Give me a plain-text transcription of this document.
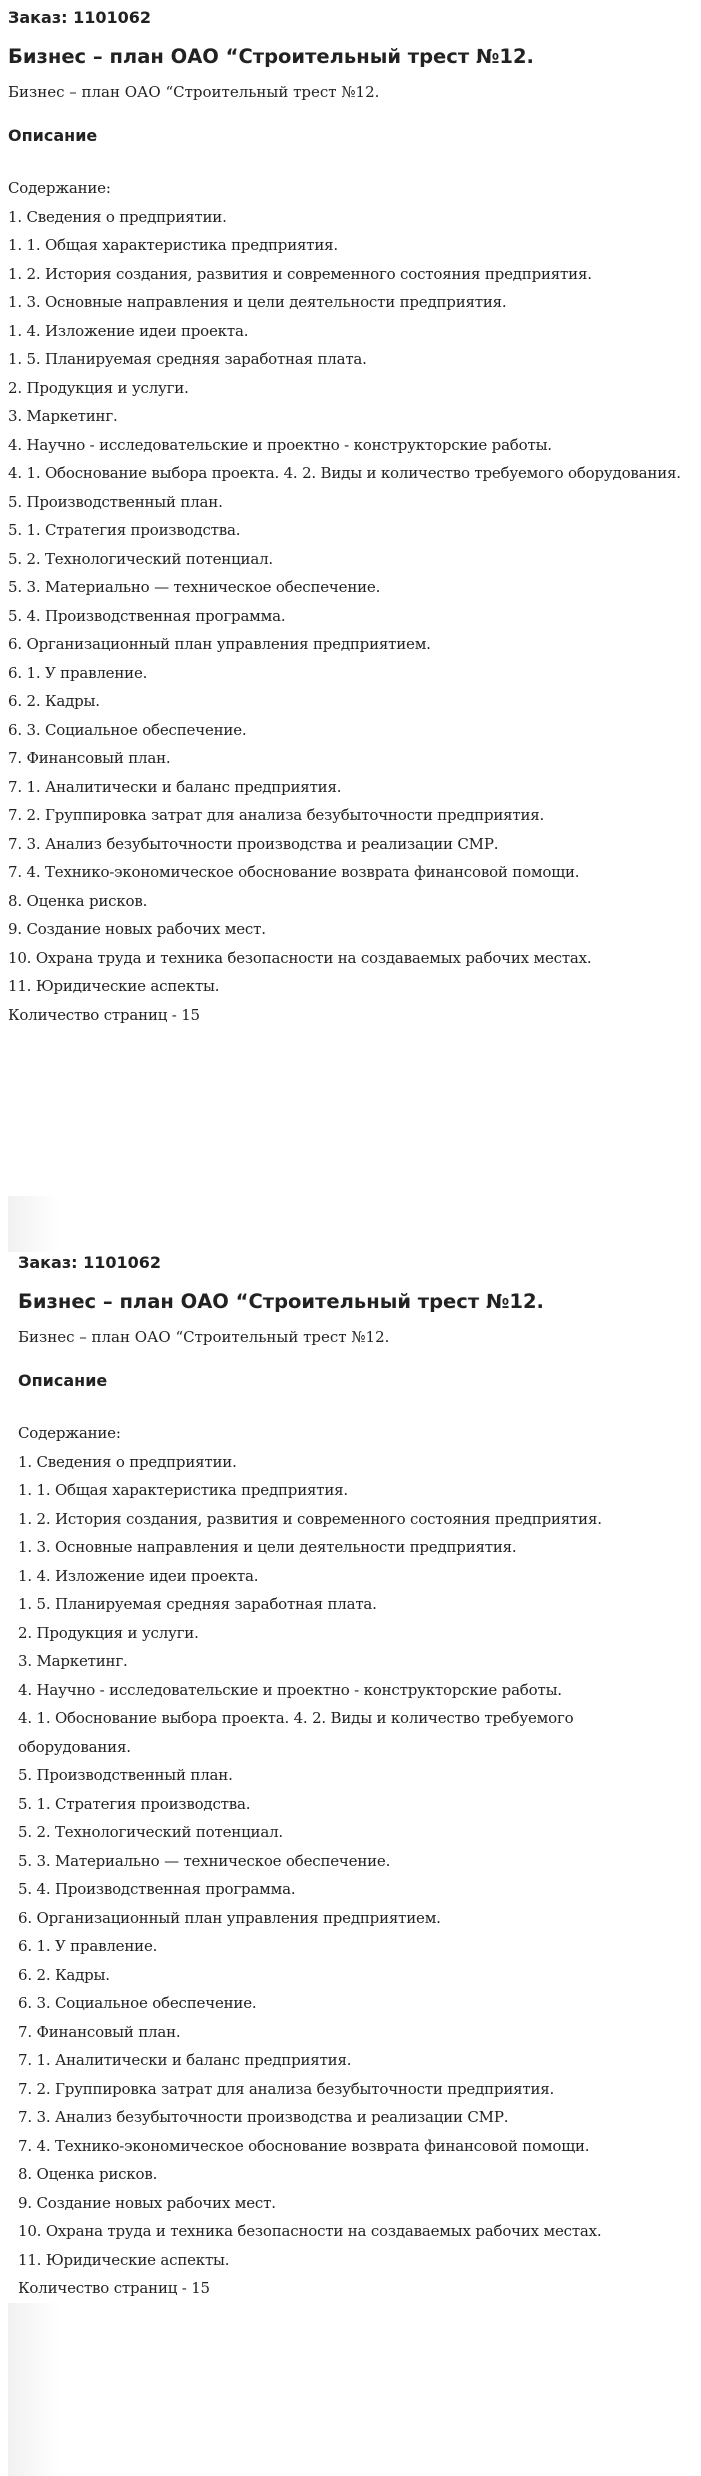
Заказ: 1101062
Бизнес – план ОАО “Строительный трест №12.
Бизнес – план ОАО “Строительный трест №12.
Описание
Содержание:
1. Сведения о предприятии.
1. 1. Общая характеристика предприятия.
1. 2. История создания, развития и современного состояния предприятия.
1. 3. Основные направления и цели деятельности предприятия.
1. 4. Изложение идеи проекта.
1. 5. Планируемая средняя заработная плата.
2. Продукция и услуги.
3. Маркетинг.
4. Научно - исследовательские и проектно - конструкторские работы.
4. 1. Обоснование выбора проекта. 4. 2. Виды и количество требуемого оборудования.
5. Производственный план.
5. 1. Стратегия производства.
5. 2. Технологический потенциал.
5. 3. Материально — техническое обеспечение.
5. 4. Производственная программа.
6. Организационный план управления предприятием.
6. 1. У правление.
6. 2. Кадры.
6. 3. Социальное обеспечение.
7. Финансовый план.
7. 1. Аналитически и баланс предприятия.
7. 2. Группировка затрат для анализа безубыточности предприятия.
7. 3. Анализ безубыточности производства и реализации СМР.
7. 4. Технико-экономическое обоснование возврата финансовой помощи.
8. Оценка рисков.
9. Создание новых рабочих мест.
10. Охрана труда и техника безопасности на создаваемых рабочих местах.
11. Юридические аспекты.
Количество страниц - 15
Заказ: 1101062
Бизнес – план ОАО “Строительный трест №12.
Бизнес – план ОАО “Строительный трест №12.
Описание
Содержание:
1. Сведения о предприятии.
1. 1. Общая характеристика предприятия.
1. 2. История создания, развития и современного состояния предприятия.
1. 3. Основные направления и цели деятельности предприятия.
1. 4. Изложение идеи проекта.
1. 5. Планируемая средняя заработная плата.
2. Продукция и услуги.
3. Маркетинг.
4. Научно - исследовательские и проектно - конструкторские работы.
4. 1. Обоснование выбора проекта. 4. 2. Виды и количество требуемого оборудования.
5. Производственный план.
5. 1. Стратегия производства.
5. 2. Технологический потенциал.
5. 3. Материально — техническое обеспечение.
5. 4. Производственная программа.
6. Организационный план управления предприятием.
6. 1. У правление.
6. 2. Кадры.
6. 3. Социальное обеспечение.
7. Финансовый план.
7. 1. Аналитически и баланс предприятия.
7. 2. Группировка затрат для анализа безубыточности предприятия.
7. 3. Анализ безубыточности производства и реализации СМР.
7. 4. Технико-экономическое обоснование возврата финансовой помощи.
8. Оценка рисков.
9. Создание новых рабочих мест.
10. Охрана труда и техника безопасности на создаваемых рабочих местах.
11. Юридические аспекты.
Количество страниц - 15
